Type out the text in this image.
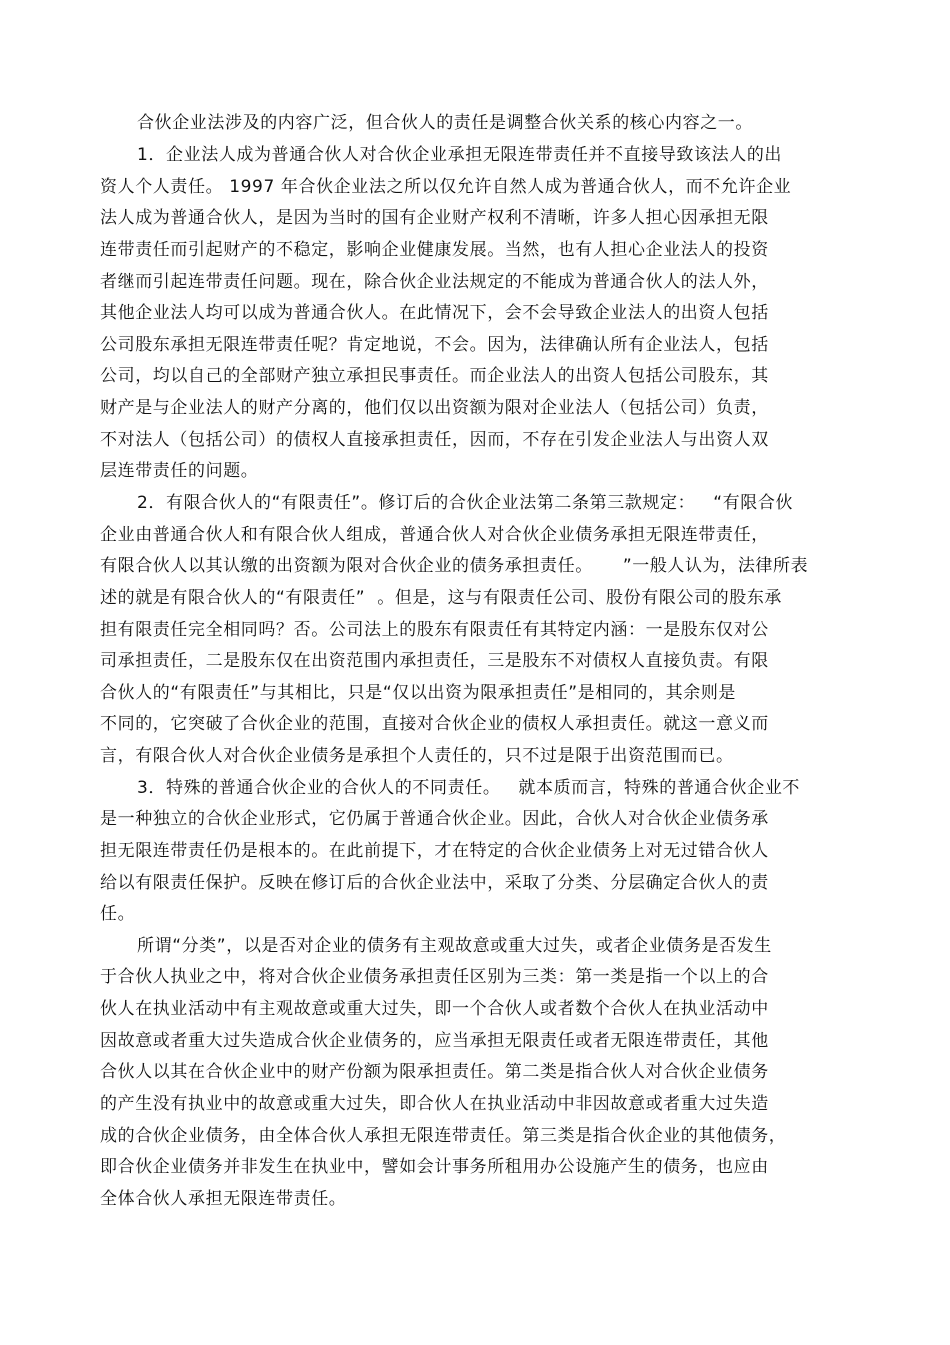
合伙企业法涉及的内容广泛，但合伙人的责任是调整合伙关系的核心内容之一。
1．企业法人成为普通合伙人对合伙企业承担无限连带责任并不直接导致该法人的出
资人个人责任。 1997 年合伙企业法之所以仅允许自然人成为普通合伙人，而不允许企业
法人成为普通合伙人，是因为当时的国有企业财产权利不清晰，许多人担心因承担无限
连带责任而引起财产的不稳定，影响企业健康发展。当然，也有人担心企业法人的投资
者继而引起连带责任问题。现在，除合伙企业法规定的不能成为普通合伙人的法人外，
其他企业法人均可以成为普通合伙人。在此情况下，会不会导致企业法人的出资人包括
公司股东承担无限连带责任呢？肯定地说，不会。因为，法律确认所有企业法人，包括
公司，均以自己的全部财产独立承担民事责任。而企业法人的出资人包括公司股东，其
财产是与企业法人的财产分离的，他们仅以出资额为限对企业法人（包括公司）负责，
不对法人（包括公司）的债权人直接承担责任，因而，不存在引发企业法人与出资人双
层连带责任的问题。
2．有限合伙人的“有限责任”。修订后的合伙企业法第二条第三款规定：   “有限合伙
企业由普通合伙人和有限合伙人组成，普通合伙人对合伙企业债务承担无限连带责任，
有限合伙人以其认缴的出资额为限对合伙企业的债务承担责任。     ”一般人认为，法律所表
述的就是有限合伙人的“有限责任”  。但是，这与有限责任公司、股份有限公司的股东承
担有限责任完全相同吗？否。公司法上的股东有限责任有其特定内涵：一是股东仅对公
司承担责任，二是股东仅在出资范围内承担责任，三是股东不对债权人直接负责。有限
合伙人的“有限责任”与其相比，只是“仅以出资为限承担责任”是相同的，其余则是
不同的，它突破了合伙企业的范围，直接对合伙企业的债权人承担责任。就这一意义而
言，有限合伙人对合伙企业债务是承担个人责任的，只不过是限于出资范围而已。
3．特殊的普通合伙企业的合伙人的不同责任。   就本质而言，特殊的普通合伙企业不
是一种独立的合伙企业形式，它仍属于普通合伙企业。因此，合伙人对合伙企业债务承
担无限连带责任仍是根本的。在此前提下，才在特定的合伙企业债务上对无过错合伙人
给以有限责任保护。反映在修订后的合伙企业法中，采取了分类、分层确定合伙人的责
任。
所谓“分类”，以是否对企业的债务有主观故意或重大过失，或者企业债务是否发生
于合伙人执业之中，将对合伙企业债务承担责任区别为三类：第一类是指一个以上的合
伙人在执业活动中有主观故意或重大过失，即一个合伙人或者数个合伙人在执业活动中
因故意或者重大过失造成合伙企业债务的，应当承担无限责任或者无限连带责任，其他
合伙人以其在合伙企业中的财产份额为限承担责任。第二类是指合伙人对合伙企业债务
的产生没有执业中的故意或重大过失，即合伙人在执业活动中非因故意或者重大过失造
成的合伙企业债务，由全体合伙人承担无限连带责任。第三类是指合伙企业的其他债务，
即合伙企业债务并非发生在执业中，譬如会计事务所租用办公设施产生的债务，也应由
全体合伙人承担无限连带责任。
